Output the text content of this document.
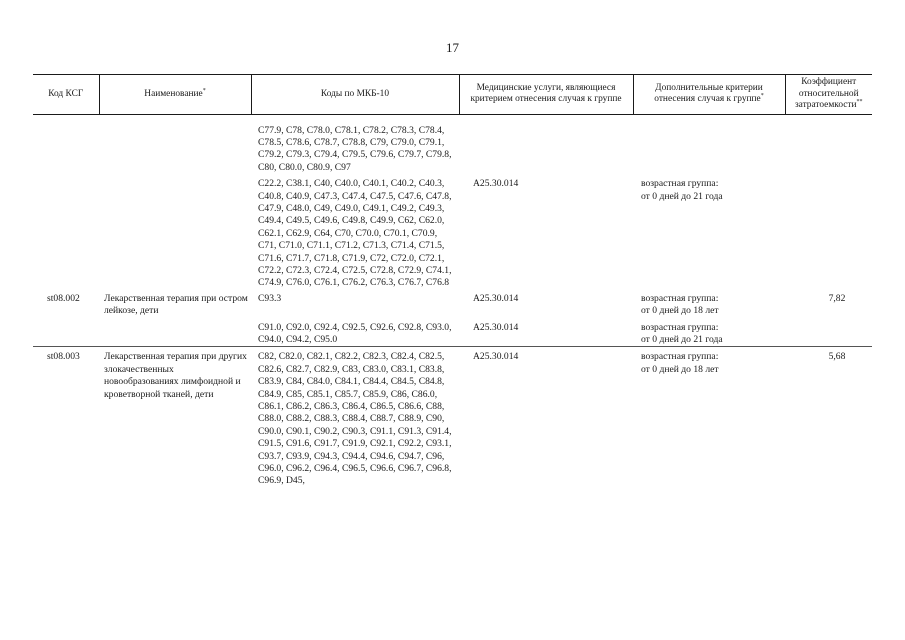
17
Код КСГ	Наименование*	Коды по МКБ-10	Медицинские услуги, являющиеся критерием отнесения случая к группе	Дополнительные критерии отнесения случая к группе*	Коэффициент относительной затратоемкости**
		C77.9, C78, C78.0, C78.1, C78.2, C78.3, C78.4, C78.5, C78.6, C78.7, C78.8, C79, C79.0, C79.1, C79.2, C79.3, C79.4, C79.5, C79.6, C79.7, C79.8, C80, C80.0, C80.9, C97		

		C22.2, C38.1, C40, C40.0, C40.1, C40.2, C40.3, C40.8, C40.9, C47.3, C47.4, C47.5, C47.6, C47.8, C47.9, C48.0, C49, C49.0, C49.1, C49.2, C49.3, C49.4, C49.5, C49.6, C49.8, C49.9, C62, C62.0, C62.1, C62.9, C64, C70, C70.0, C70.1, C70.9, C71, C71.0, C71.1, C71.2, C71.3, C71.4, C71.5, C71.6, C71.7, C71.8, C71.9, C72, C72.0, C72.1, C72.2, C72.3, C72.4, C72.5, C72.8, C72.9, C74.1, C74.9, C76.0, C76.1, C76.2, C76.3, C76.7, C76.8	A25.30.014	возрастная группа:
от 0 дней до 21 года	

st08.002	Лекарственная терапия при остром лейкозе, дети	C93.3	A25.30.014	возрастная группа:
от 0 дней до 18 лет	7,82
		C91.0, C92.0, C92.4, C92.5, C92.6, C92.8, C93.0, C94.0, C94.2, C95.0	A25.30.014	возрастная группа:
от 0 дней до 21 года	

st08.003	Лекарственная терапия при других злокачественных новообразованиях лимфоидной и кроветворной тканей, дети	C82, C82.0, C82.1, C82.2, C82.3, C82.4, C82.5, C82.6, C82.7, C82.9, C83, C83.0, C83.1, C83.8, C83.9, C84, C84.0, C84.1, C84.4, C84.5, C84.8, C84.9, C85, C85.1, C85.7, C85.9, C86, C86.0, C86.1, C86.2, C86.3, C86.4, C86.5, C86.6, C88, C88.0, C88.2, C88.3, C88.4, C88.7, C88.9, C90, C90.0, C90.1, C90.2, C90.3, C91.1, C91.3, C91.4, C91.5, C91.6, C91.7, C91.9, C92.1, C92.2, C93.1, C93.7, C93.9, C94.3, C94.4, C94.6, C94.7, C96, C96.0, C96.2, C96.4, C96.5, C96.6, C96.7, C96.8, C96.9, D45,	A25.30.014	возрастная группа:
от 0 дней до 18 лет	5,68
